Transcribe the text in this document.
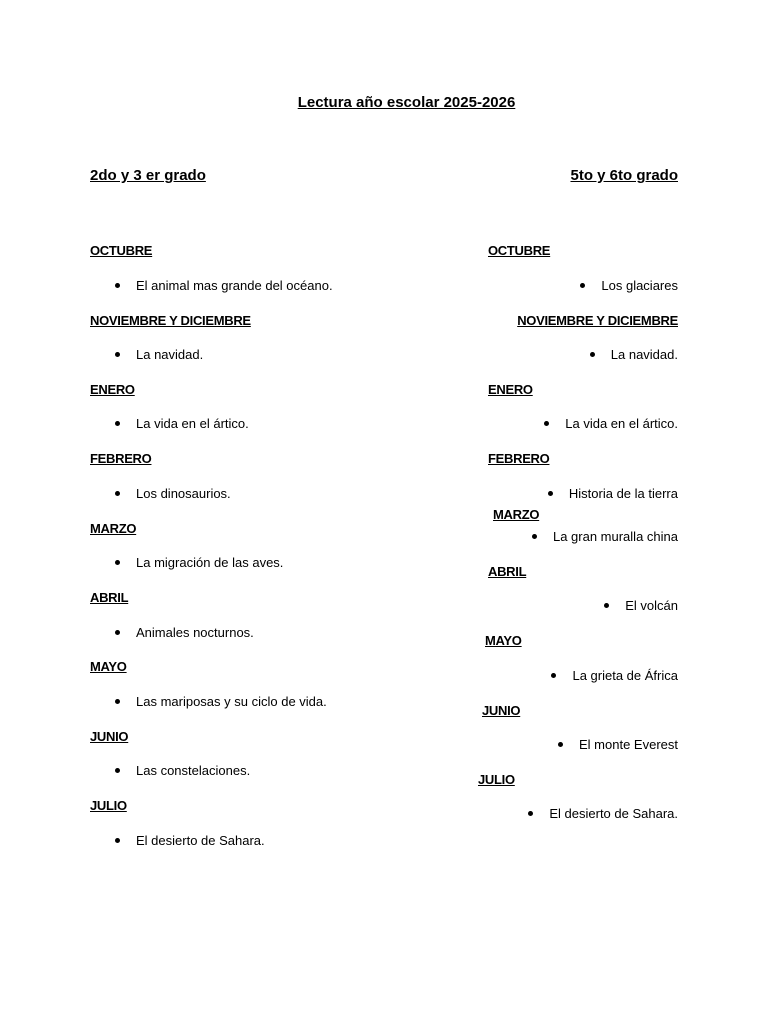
Lectura año escolar 2025-2026
2do y 3 er grado	5to y 6to grado
OCTUBRE
El animal mas grande del océano.
NOVIEMBRE Y DICIEMBRE
La navidad.
ENERO
La vida en el ártico.
FEBRERO
Los dinosaurios.
MARZO
La migración de las aves.
ABRIL
Animales nocturnos.
MAYO
Las mariposas y su ciclo de vida.
JUNIO
Las constelaciones.
JULIO
El desierto de Sahara.
OCTUBRE
Los glaciares
NOVIEMBRE Y DICIEMBRE
La navidad.
ENERO
La vida en el ártico.
FEBRERO
Historia de la tierra
MARZO
La gran muralla china
ABRIL
El volcán
MAYO
La grieta de África
JUNIO
El monte Everest
JULIO
El desierto de Sahara.
